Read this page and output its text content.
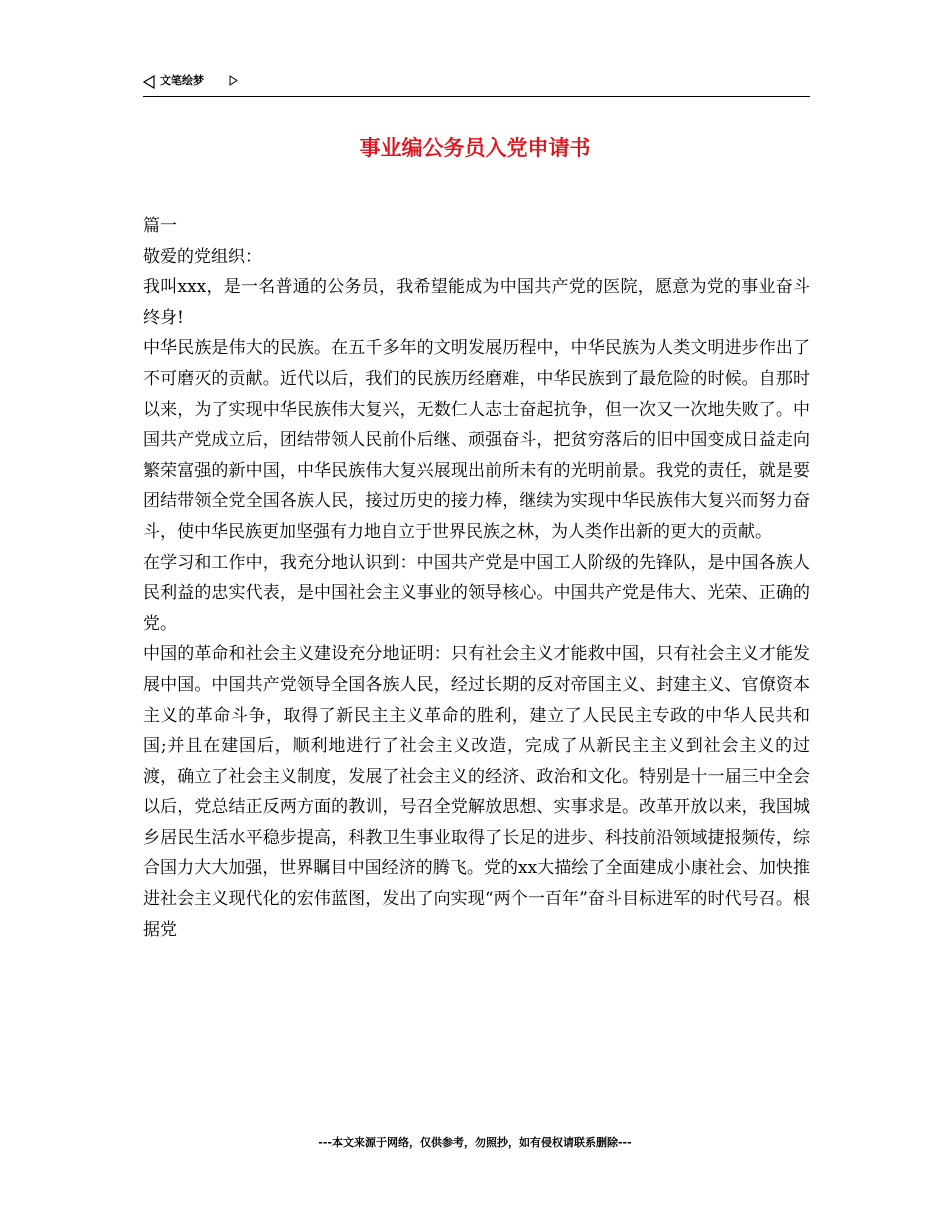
文笔绘梦
事业编公务员入党申请书

篇一

敬爱的党组织：

我叫xxx，是一名普通的公务员，我希望能成为中国共产党的医院，愿意为党的事业奋斗终身!

中华民族是伟大的民族。在五千多年的文明发展历程中，中华民族为人类文明进步作出了不可磨灭的贡献。近代以后，我们的民族历经磨难，中华民族到了最危险的时候。自那时以来，为了实现中华民族伟大复兴，无数仁人志士奋起抗争，但一次又一次地失败了。中国共产党成立后，团结带领人民前仆后继、顽强奋斗，把贫穷落后的旧中国变成日益走向繁荣富强的新中国，中华民族伟大复兴展现出前所未有的光明前景。我党的责任，就是要团结带领全党全国各族人民，接过历史的接力棒，继续为实现中华民族伟大复兴而努力奋斗，使中华民族更加坚强有力地自立于世界民族之林，为人类作出新的更大的贡献。

在学习和工作中，我充分地认识到：中国共产党是中国工人阶级的先锋队，是中国各族人民利益的忠实代表，是中国社会主义事业的领导核心。中国共产党是伟大、光荣、正确的党。

中国的革命和社会主义建设充分地证明：只有社会主义才能救中国，只有社会主义才能发展中国。中国共产党领导全国各族人民，经过长期的反对帝国主义、封建主义、官僚资本主义的革命斗争，取得了新民主主义革命的胜利，建立了人民民主专政的中华人民共和国;并且在建国后，顺利地进行了社会主义改造，完成了从新民主主义到社会主义的过渡，确立了社会主义制度，发展了社会主义的经济、政治和文化。特别是十一届三中全会以后，党总结正反两方面的教训，号召全党解放思想、实事求是。改革开放以来，我国城乡居民生活水平稳步提高，科教卫生事业取得了长足的进步、科技前沿领域捷报频传，综合国力大大加强，世界瞩目中国经济的腾飞。党的xx大描绘了全面建成小康社会、加快推进社会主义现代化的宏伟蓝图，发出了向实现“两个一百年”奋斗目标进军的时代号召。根据党

---本文来源于网络，仅供参考，勿照抄，如有侵权请联系删除---
